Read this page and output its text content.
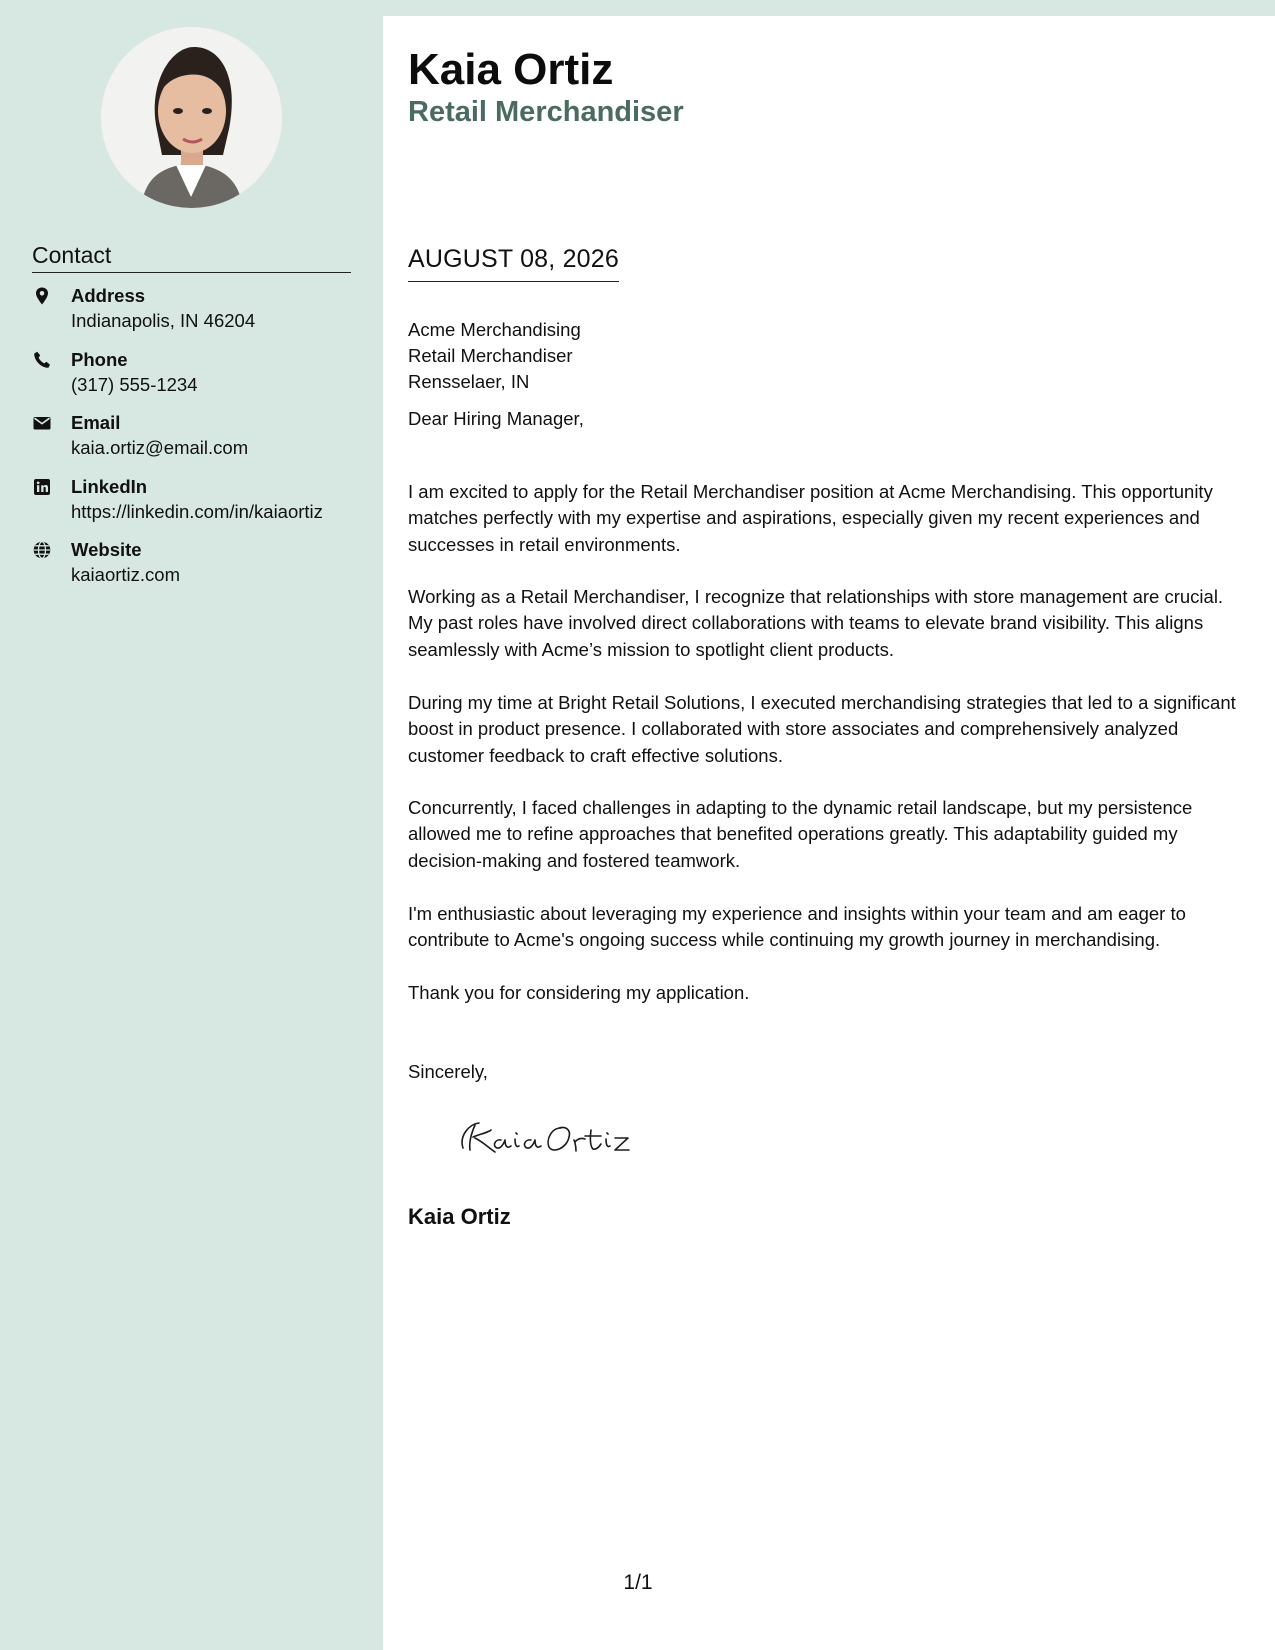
Contact
Address
Indianapolis, IN 46204
Phone
(317) 555-1234
Email
kaia.ortiz@email.com
LinkedIn
https://linkedin.com/in/kaiaortiz
Website
kaiaortiz.com
Kaia Ortiz
Retail Merchandiser
AUGUST 08, 2026
Acme Merchandising
Retail Merchandiser
Rensselaer, IN

Dear Hiring Manager,

I am excited to apply for the Retail Merchandiser position at Acme Merchandising. This opportunity matches perfectly with my expertise and aspirations, especially given my recent experiences and successes in retail environments.

Working as a Retail Merchandiser, I recognize that relationships with store management are crucial. My past roles have involved direct collaborations with teams to elevate brand visibility. This aligns seamlessly with Acme’s mission to spotlight client products.

During my time at Bright Retail Solutions, I executed merchandising strategies that led to a significant boost in product presence. I collaborated with store associates and comprehensively analyzed customer feedback to craft effective solutions.

Concurrently, I faced challenges in adapting to the dynamic retail landscape, but my persistence allowed me to refine approaches that benefited operations greatly. This adaptability guided my decision-making and fostered teamwork.

I'm enthusiastic about leveraging my experience and insights within your team and am eager to contribute to Acme's ongoing success while continuing my growth journey in merchandising.

Thank you for considering my application.

Sincerely,

Kaia Ortiz
1/1
